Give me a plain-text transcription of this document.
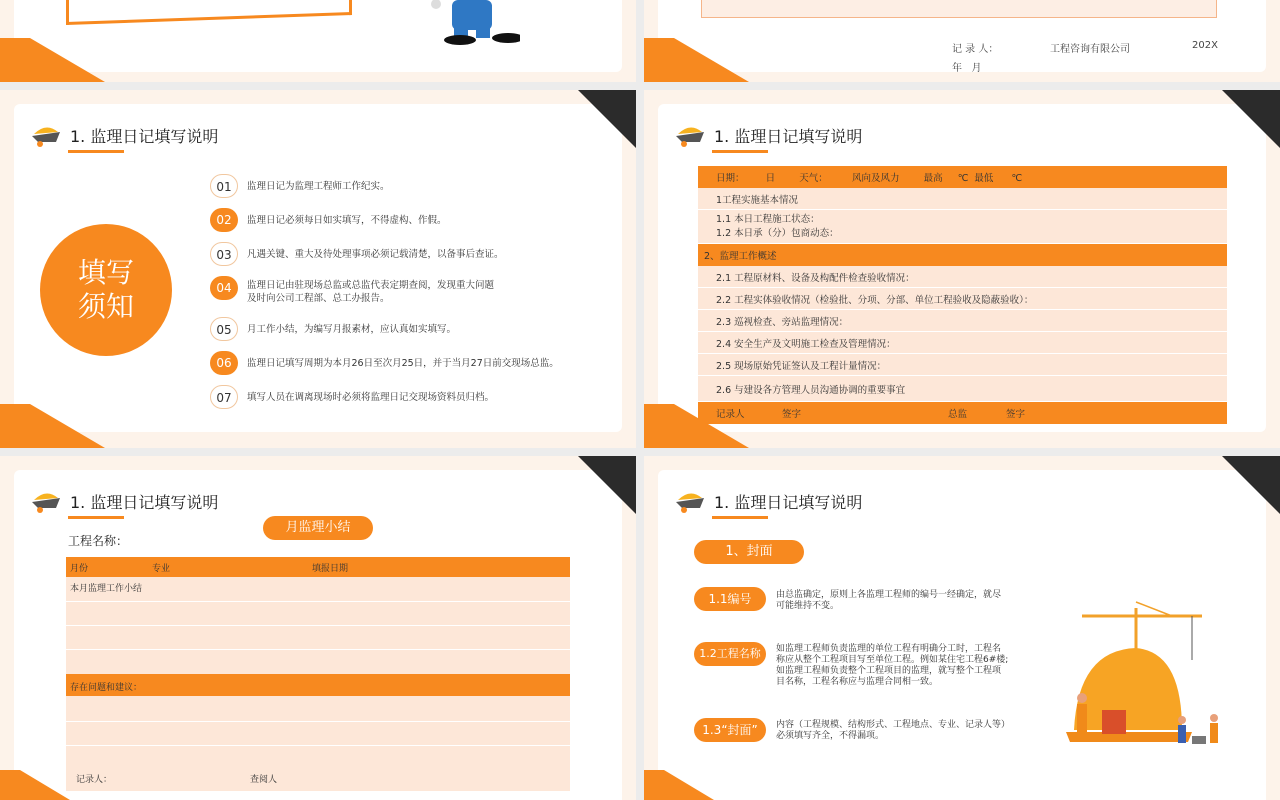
记 录 人：	工程咨询有限公司	202X
年   月
1. 监理日记填写说明
填写
须知
01	监理日记为监理工程师工作纪实。
02	监理日记必须每日如实填写，不得虚构、作假。
03	凡遇关键、重大及待处理事项必须记载清楚，以备事后查证。
04	监理日记由驻现场总监或总监代表定期查阅，发现重大问题
及时向公司工程部、总工办报告。
05	月工作小结，为编写月报素材，应认真如实填写。
06	监理日记填写周期为本月26日至次月25日，并于当月27日前交现场总监。
07	填写人员在调离现场时必须将监理日记交现场资料员归档。
1. 监理日记填写说明
日期：       日        天气：        风向及风力        最高     ℃  最低      ℃
1工程实施基本情况
1.1 本日工程施工状态：
1.2 本日承（分）包商动态：
2、监理工作概述
2.1 工程原材料、设备及构配件检查验收情况：
2.2 工程实体验收情况（检验批、分项、分部、单位工程验收及隐蔽验收）：
2.3 巡视检查、旁站监理情况：
2.4 安全生产及文明施工检查及管理情况：
2.5 现场原始凭证签认及工程计量情况：
2.6 与建设各方管理人员沟通协调的重要事宜
记录人	签字	总监	签字
1. 监理日记填写说明
月监理小结
工程名称：
月份	专业	填报日期
本月监理工作小结
存在问题和建议：
记录人：	查阅人
1. 监理日记填写说明
1、封面
1.1编号	由总监确定，原则上各监理工程师的编号一经确定，就尽
可能维持不变。
1.2工程名称	如监理工程师负责监理的单位工程有明确分工时，工程名
称应从整个工程项目写至单位工程。例如某住宅工程6#楼;
如监理工程师负责整个工程项目的监理，就写整个工程项
目名称，工程名称应与监理合同相一致。
1.3“封面”	内容（工程规模、结构形式、工程地点、专业、记录人等）
必须填写齐全，不得漏项。
